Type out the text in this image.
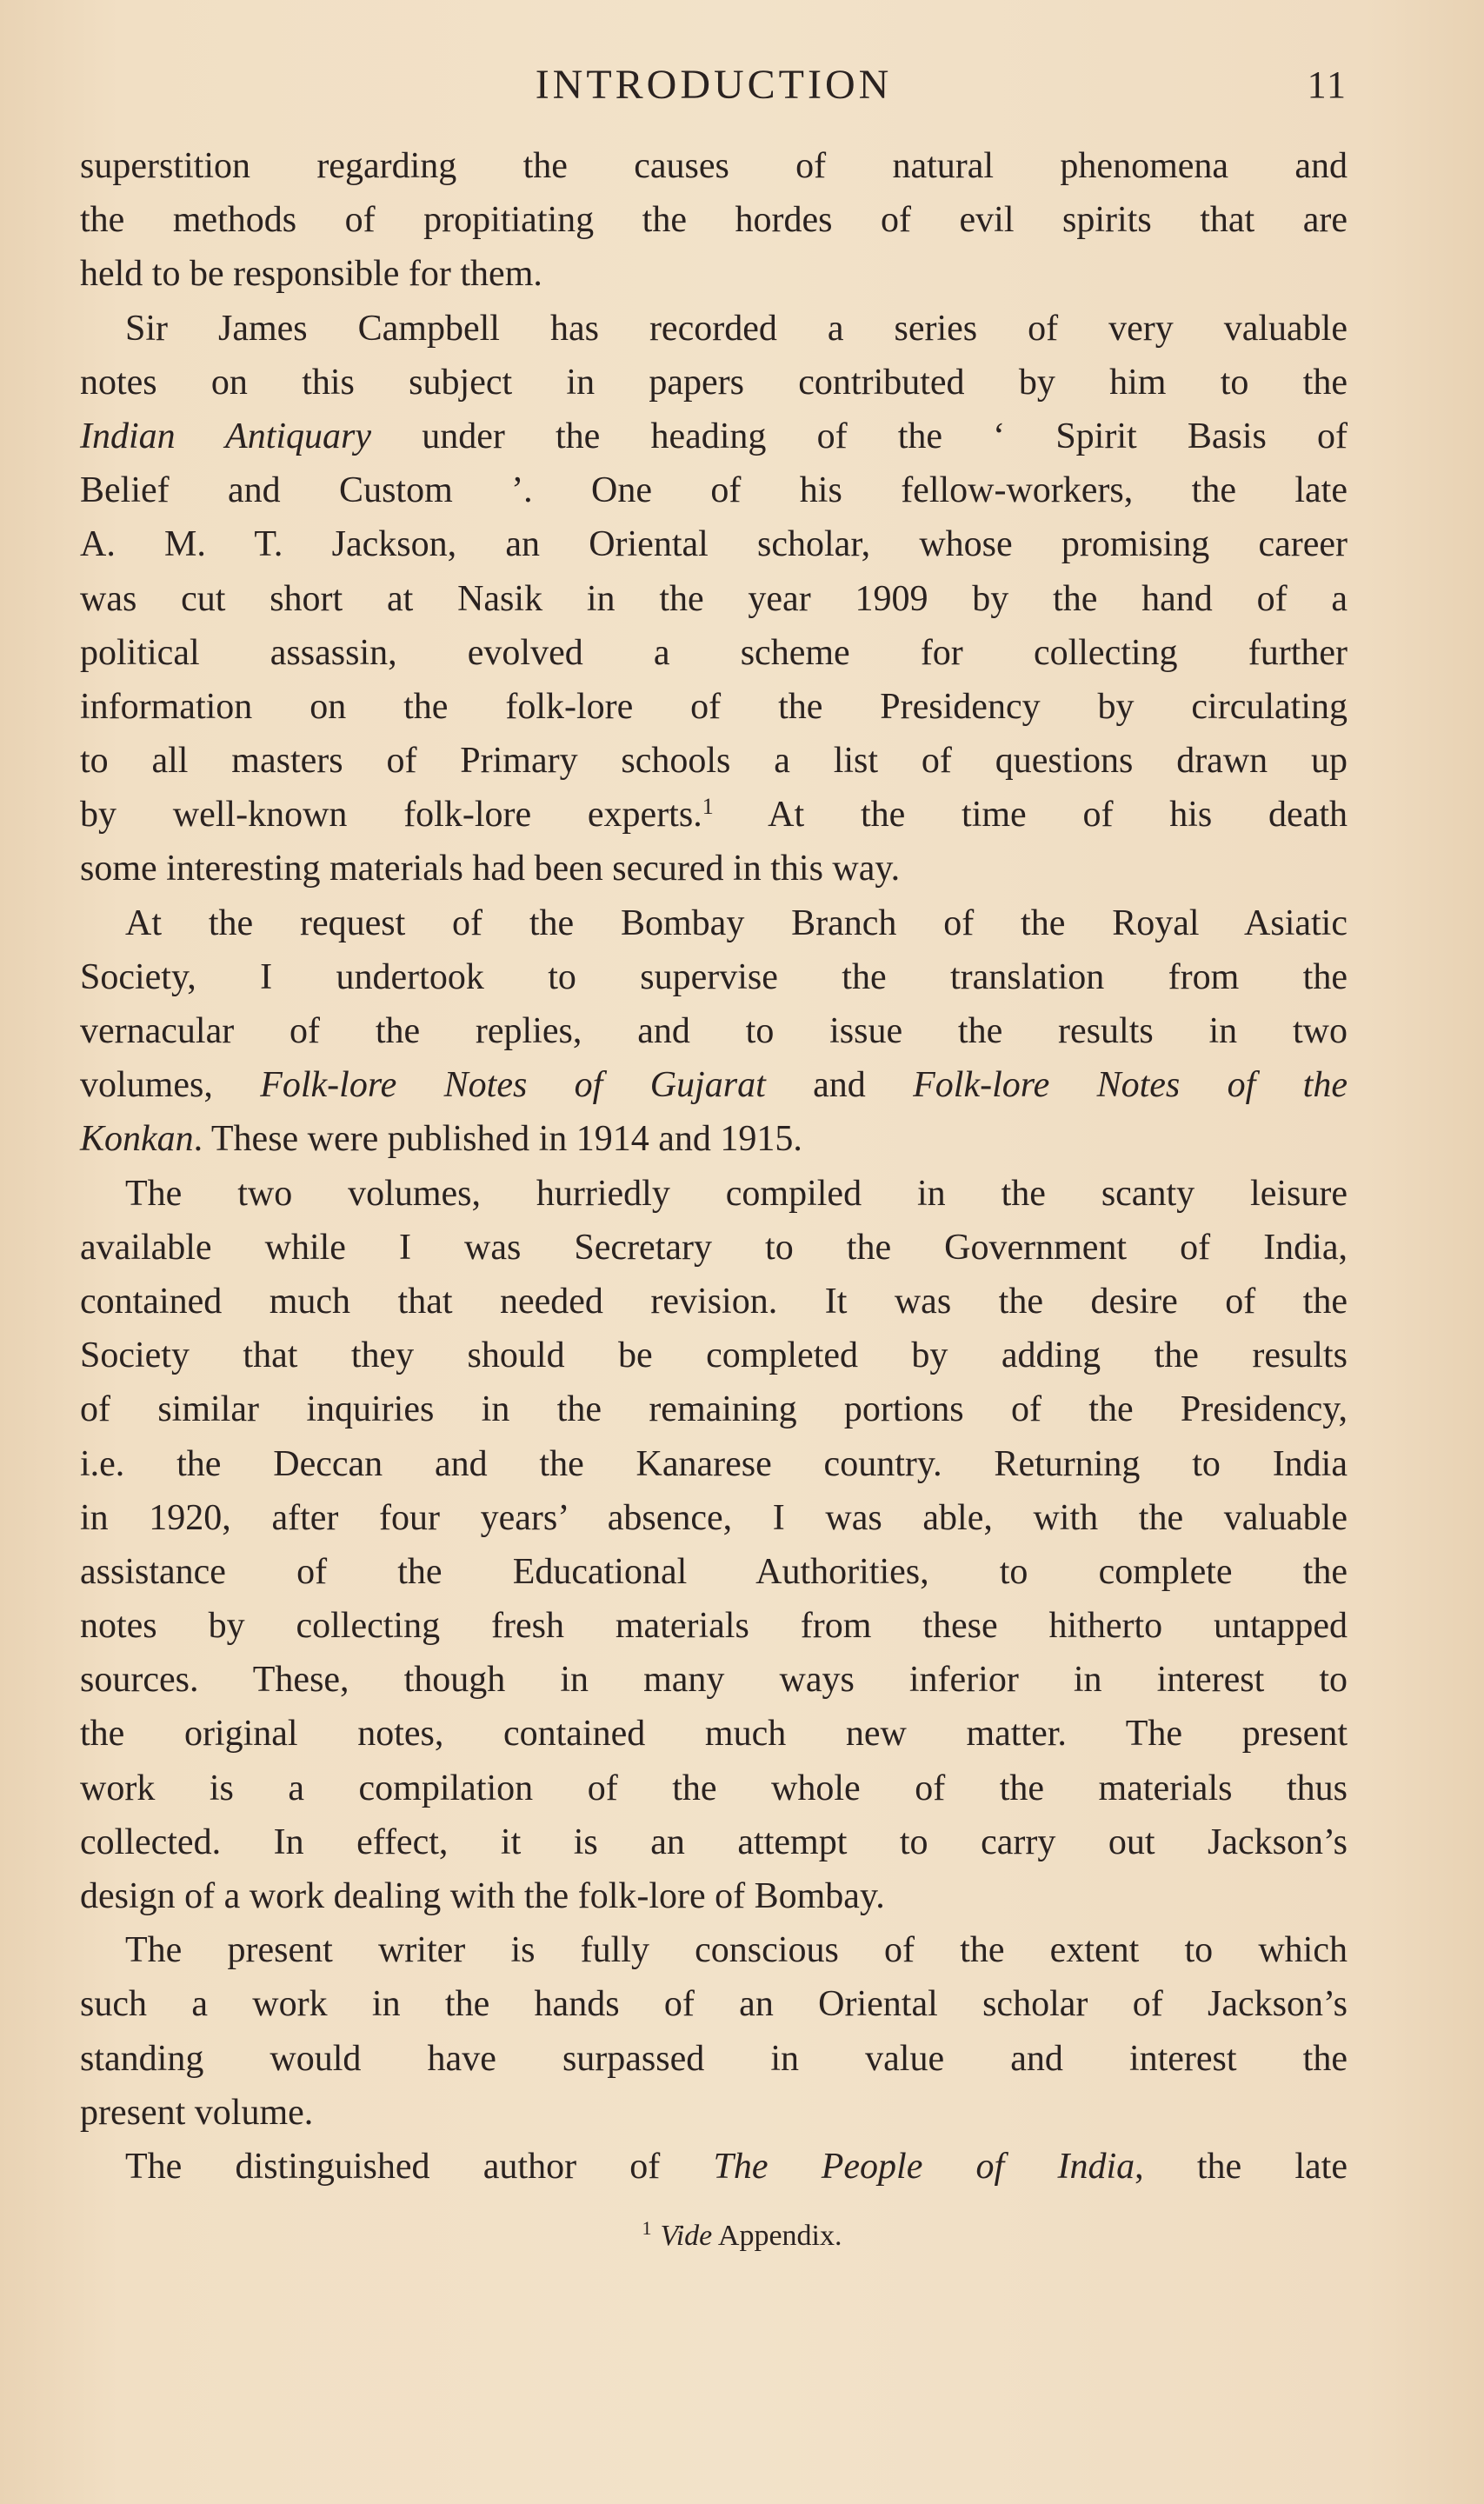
INTRODUCTION	11
superstition regarding the causes of natural phenomena and
the methods of propitiating the hordes of evil spirits that are
held to be responsible for them.
Sir James Campbell has recorded a series of very valuable
notes on this subject in papers contributed by him to the
Indian Antiquary under the heading of the ‘ Spirit Basis of
Belief and Custom ’. One of his fellow-workers, the late
A. M. T. Jackson, an Oriental scholar, whose promising career
was cut short at Nasik in the year 1909 by the hand of a
political assassin, evolved a scheme for collecting further
information on the folk-lore of the Presidency by circulating
to all masters of Primary schools a list of questions drawn up
by well-known folk-lore experts.$^1$ At the time of his death
some interesting materials had been secured in this way.
At the request of the Bombay Branch of the Royal Asiatic
Society, I undertook to supervise the translation from the
vernacular of the replies, and to issue the results in two
volumes, Folk-lore Notes of Gujarat and Folk-lore Notes of the
Konkan. These were published in 1914 and 1915.
The two volumes, hurriedly compiled in the scanty leisure
available while I was Secretary to the Government of India,
contained much that needed revision. It was the desire of the
Society that they should be completed by adding the results
of similar inquiries in the remaining portions of the Presidency,
i.e. the Deccan and the Kanarese country. Returning to India
in 1920, after four years’ absence, I was able, with the valuable
assistance of the Educational Authorities, to complete the
notes by collecting fresh materials from these hitherto untapped
sources. These, though in many ways inferior in interest to
the original notes, contained much new matter. The present
work is a compilation of the whole of the materials thus
collected. In effect, it is an attempt to carry out Jackson’s
design of a work dealing with the folk-lore of Bombay.
The present writer is fully conscious of the extent to which
such a work in the hands of an Oriental scholar of Jackson’s
standing would have surpassed in value and interest the
present volume.
The distinguished author of The People of India, the late
$^1$ Vide Appendix.
